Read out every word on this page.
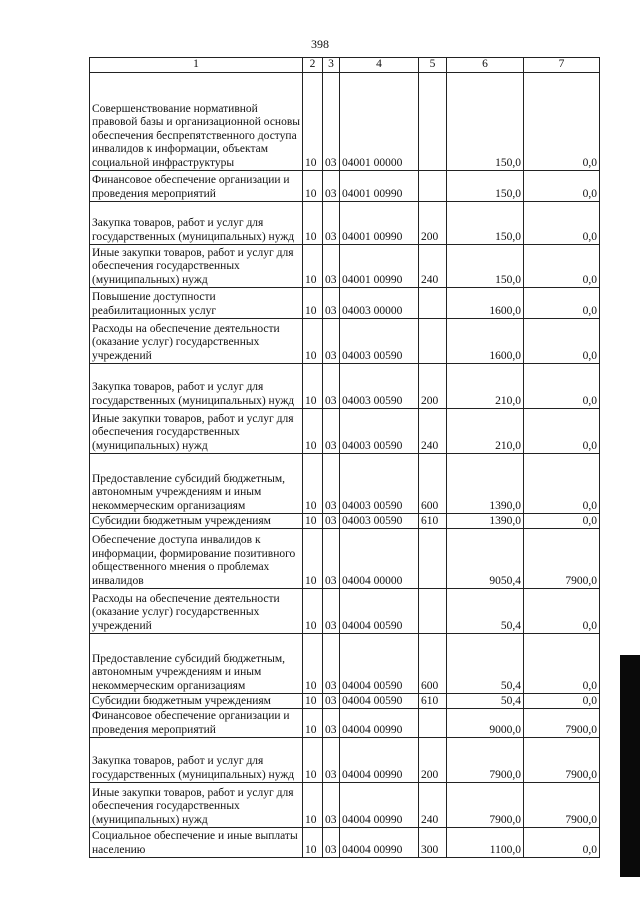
398
1	2	3	4	5	6	7
Совершенствование нормативной правовой базы и организационной основы обеспечения беспрепятственного доступа инвалидов к информации, объектам социальной инфраструктуры	10	03	04001 00000		150,0	0,0
Финансовое обеспечение организации и проведения мероприятий	10	03	04001 00990		150,0	0,0
Закупка товаров, работ и услуг для государственных (муниципальных) нужд	10	03	04001 00990	200	150,0	0,0
Иные закупки товаров, работ и услуг для обеспечения государственных (муниципальных) нужд	10	03	04001 00990	240	150,0	0,0
Повышение доступности реабилитационных услуг	10	03	04003 00000		1600,0	0,0
Расходы на обеспечение деятельности (оказание услуг) государственных учреждений	10	03	04003 00590		1600,0	0,0
Закупка товаров, работ и услуг для государственных (муниципальных) нужд	10	03	04003 00590	200	210,0	0,0
Иные закупки товаров, работ и услуг для обеспечения государственных (муниципальных) нужд	10	03	04003 00590	240	210,0	0,0
Предоставление субсидий бюджетным, автономным учреждениям и иным некоммерческим организациям	10	03	04003 00590	600	1390,0	0,0
Субсидии бюджетным учреждениям	10	03	04003 00590	610	1390,0	0,0
Обеспечение доступа инвалидов к информации, формирование позитивного общественного мнения о проблемах инвалидов	10	03	04004 00000		9050,4	7900,0
Расходы на обеспечение деятельности (оказание услуг) государственных учреждений	10	03	04004 00590		50,4	0,0
Предоставление субсидий бюджетным, автономным учреждениям и иным некоммерческим организациям	10	03	04004 00590	600	50,4	0,0
Субсидии бюджетным учреждениям	10	03	04004 00590	610	50,4	0,0
Финансовое обеспечение организации и проведения мероприятий	10	03	04004 00990		9000,0	7900,0
Закупка товаров, работ и услуг для государственных (муниципальных) нужд	10	03	04004 00990	200	7900,0	7900,0
Иные закупки товаров, работ и услуг для обеспечения государственных (муниципальных) нужд	10	03	04004 00990	240	7900,0	7900,0
Социальное обеспечение и иные выплаты населению	10	03	04004 00990	300	1100,0	0,0
